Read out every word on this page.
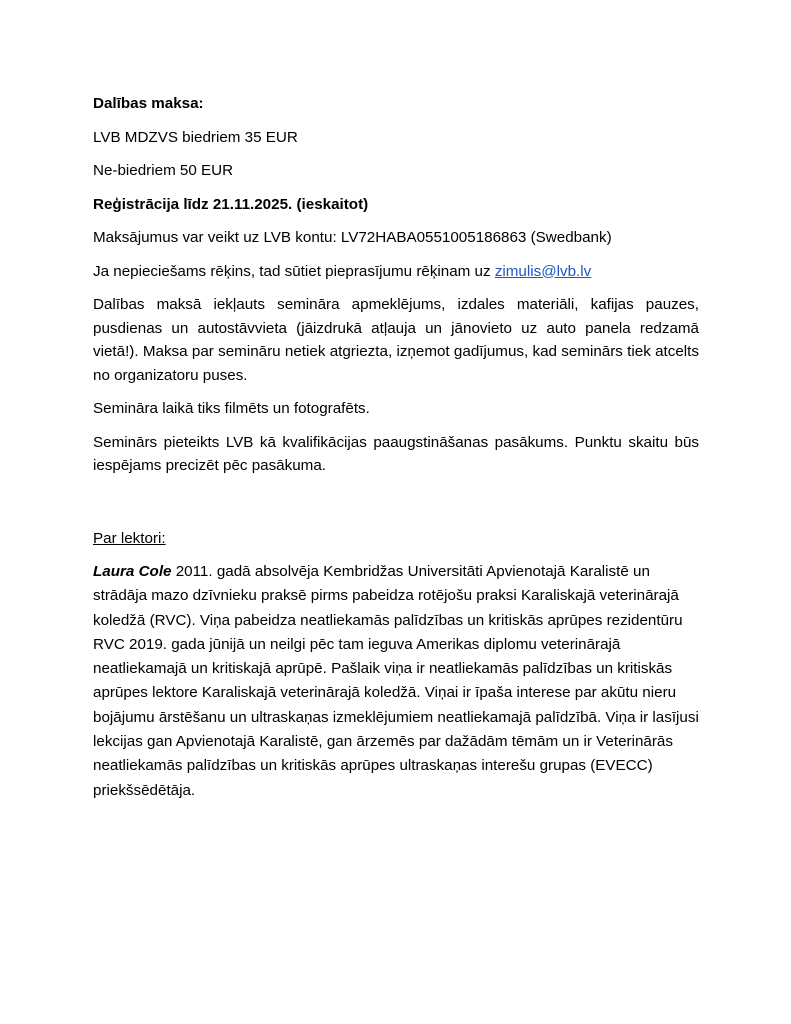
Dalības maksa:

LVB MDZVS biedriem 35 EUR

Ne-biedriem 50 EUR

Reģistrācija līdz 21.11.2025. (ieskaitot)

Maksājumus var veikt uz LVB kontu: LV72HABA0551005186863 (Swedbank)

Ja nepieciešams rēķins, tad sūtiet pieprasījumu rēķinam uz zimulis@lvb.lv

Dalības maksā iekļauts semināra apmeklējums, izdales materiāli, kafijas pauzes, pusdienas un autostāvvieta (jāizdrukā atļauja un jānovieto uz auto panela redzamā vietā!). Maksa par semināru netiek atgriezta, izņemot gadījumus, kad seminārs tiek atcelts no organizatoru puses.

Semināra laikā tiks filmēts un fotografēts.

Seminārs pieteikts LVB kā kvalifikācijas paaugstināšanas pasākums. Punktu skaitu būs iespējams precizēt pēc pasākuma.

Par lektori:

Laura Cole 2011. gadā absolvēja Kembridžas Universitāti Apvienotajā Karalistē un strādāja mazo dzīvnieku praksē pirms pabeidza rotējošu praksi Karaliskajā veterinārajā koledžā (RVC). Viņa pabeidza neatliekamās palīdzības un kritiskās aprūpes rezidentūru RVC 2019. gada jūnijā un neilgi pēc tam ieguva Amerikas diplomu veterinārajā neatliekamajā un kritiskajā aprūpē. Pašlaik viņa ir neatliekamās palīdzības un kritiskās aprūpes lektore Karaliskajā veterinārajā koledžā. Viņai ir īpaša interese par akūtu nieru bojājumu ārstēšanu un ultraskaņas izmeklējumiem neatliekamajā palīdzībā. Viņa ir lasījusi lekcijas gan Apvienotajā Karalistē, gan ārzemēs par dažādām tēmām un ir Veterinārās neatliekamās palīdzības un kritiskās aprūpes ultraskaņas interešu grupas (EVECC) priekšsēdētāja.
